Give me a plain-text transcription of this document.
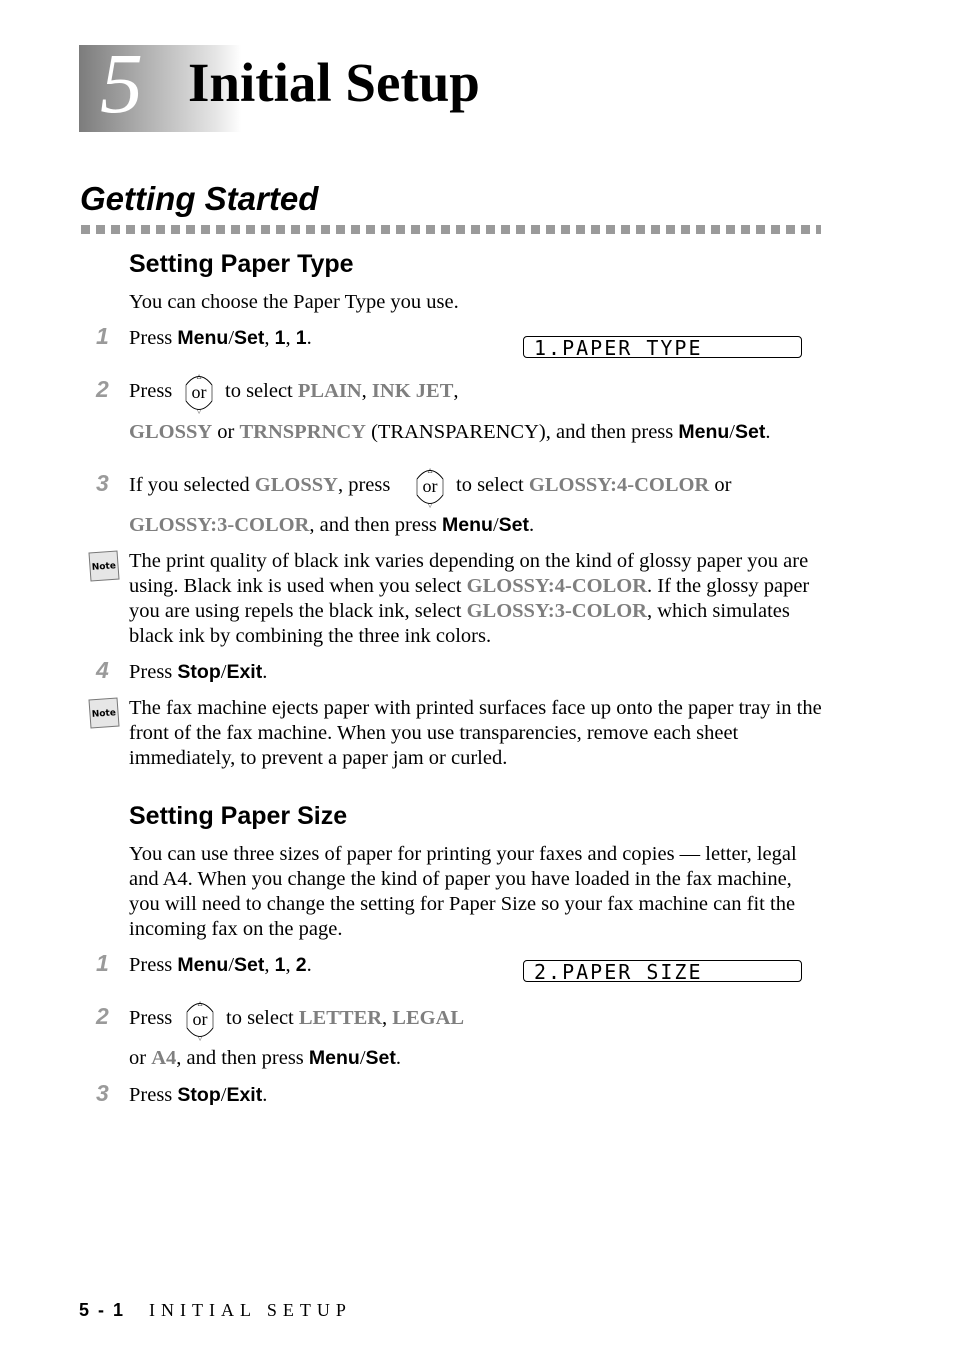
5 Initial Setup
Getting Started
Setting Paper Type
You can choose the Paper Type you use.
1 Press Menu/Set, 1, 1.	1.PAPER TYPE
2 Press
△
▽
or to select PLAIN, INK JET,
GLOSSY or TRNSPRNCY (TRANSPARENCY), and then press Menu/Set.
3 If you selected GLOSSY, press
△
▽
or to select GLOSSY:4-COLOR or
GLOSSY:3-COLOR, and then press Menu/Set.
Note The print quality of black ink varies depending on the kind of glossy paper you are using. Black ink is used when you select GLOSSY:4-COLOR. If the glossy paper you are using repels the black ink, select GLOSSY:3-COLOR, which simulates black ink by combining the three ink colors.
4 Press Stop/Exit.
Note The fax machine ejects paper with printed surfaces face up onto the paper tray in the front of the fax machine. When you use transparencies, remove each sheet immediately, to prevent a paper jam or curled.
Setting Paper Size
You can use three sizes of paper for printing your faxes and copies — letter, legal and A4. When you change the kind of paper you have loaded in the fax machine, you will need to change the setting for Paper Size so your fax machine can fit the incoming fax on the page.
1 Press Menu/Set, 1, 2.	2.PAPER SIZE
2 Press
△
▽
or to select LETTER, LEGAL
or A4, and then press Menu/Set.
3 Press Stop/Exit.
5 - 1 INITIAL SETUP
